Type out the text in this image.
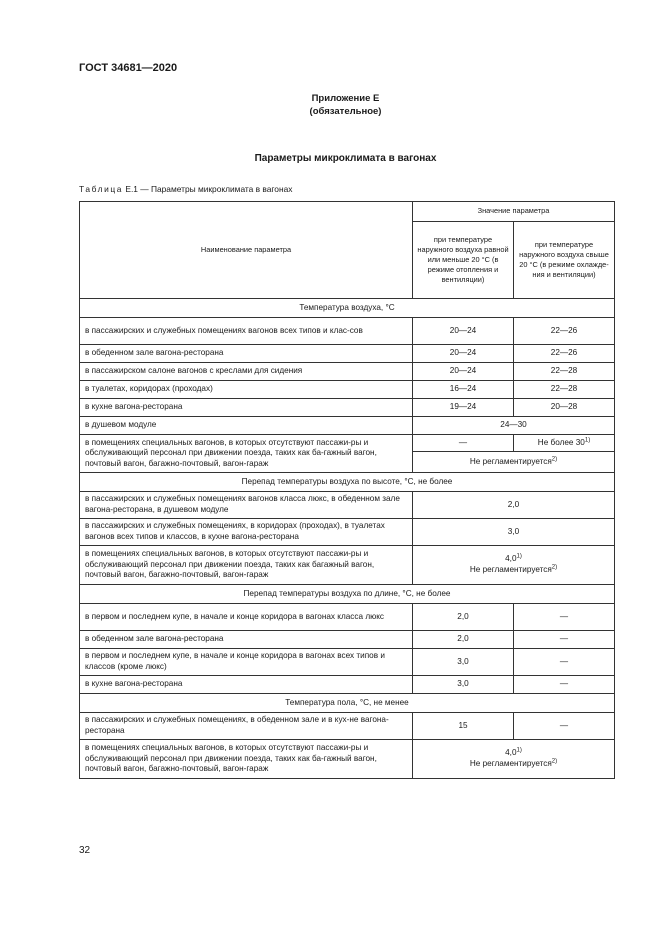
ГОСТ 34681—2020
Приложение Е
(обязательное)
Параметры микроклимата в вагонах
Таблица Е.1 — Параметры микроклимата в вагонах
Наименование параметра	Значение параметра	
	при температуре наружного воздуха равной или меньше 20 °С (в режиме отопления и вентиляции)	при температуре наружного воздуха свыше 20 °С (в режиме охлажде-ния и вентиляции)
Температура воздуха, °С		
в пассажирских и служебных помещениях вагонов всех типов и клас-сов	20—24	22—26
в обеденном зале вагона-ресторана	20—24	22—26
в пассажирском салоне вагонов с креслами для сидения	20—24	22—28
в туалетах, коридорах (проходах)	16—24	22—28
в кухне вагона-ресторана	19—24	20—28
в душевом модуле	24—30	
в помещениях специальных вагонов, в которых отсутствуют пассажи-ры и обслуживающий персонал при движении поезда, таких как ба-гажный вагон, почтовый вагон, багажно-почтовый, вагон-гараж	—	Не более 30$^{1)}$
	Не регламентируется$^{2)}$
Перепад температуры воздуха по высоте, °С, не более		
в пассажирских и служебных помещениях вагонов класса люкс, в обеденном зале вагона-ресторана, в душевом модуле	2,0	
в пассажирских и служебных помещениях, в коридорах (проходах), в туалетах вагонов всех типов и классов, в кухне вагона-ресторана	3,0	
в помещениях специальных вагонов, в которых отсутствуют пассажи-ры и обслуживающий персонал при движении поезда, таких как багажный вагон, почтовый вагон, багажно-почтовый, вагон-гараж	4,0$^{1)}$
Не регламентируется$^{2)}$

Перепад температуры воздуха по длине, °С, не более		
в первом и последнем купе, в начале и конце коридора в вагонах класса люкс	2,0	—
в обеденном зале вагона-ресторана	2,0	—
в первом и последнем купе, в начале и конце коридора в вагонах всех типов и классов (кроме люкс)	3,0	—
в кухне вагона-ресторана	3,0	—
Температура пола, °С, не менее		
в пассажирских и служебных помещениях, в обеденном зале и в кух-не вагона-ресторана	15	—
в помещениях специальных вагонов, в которых отсутствуют пассажи-ры и обслуживающий персонал при движении поезда, таких как ба-гажный вагон, почтовый вагон, багажно-почтовый, вагон-гараж	4,0$^{1)}$
Не регламентируется$^{2)}$
32
